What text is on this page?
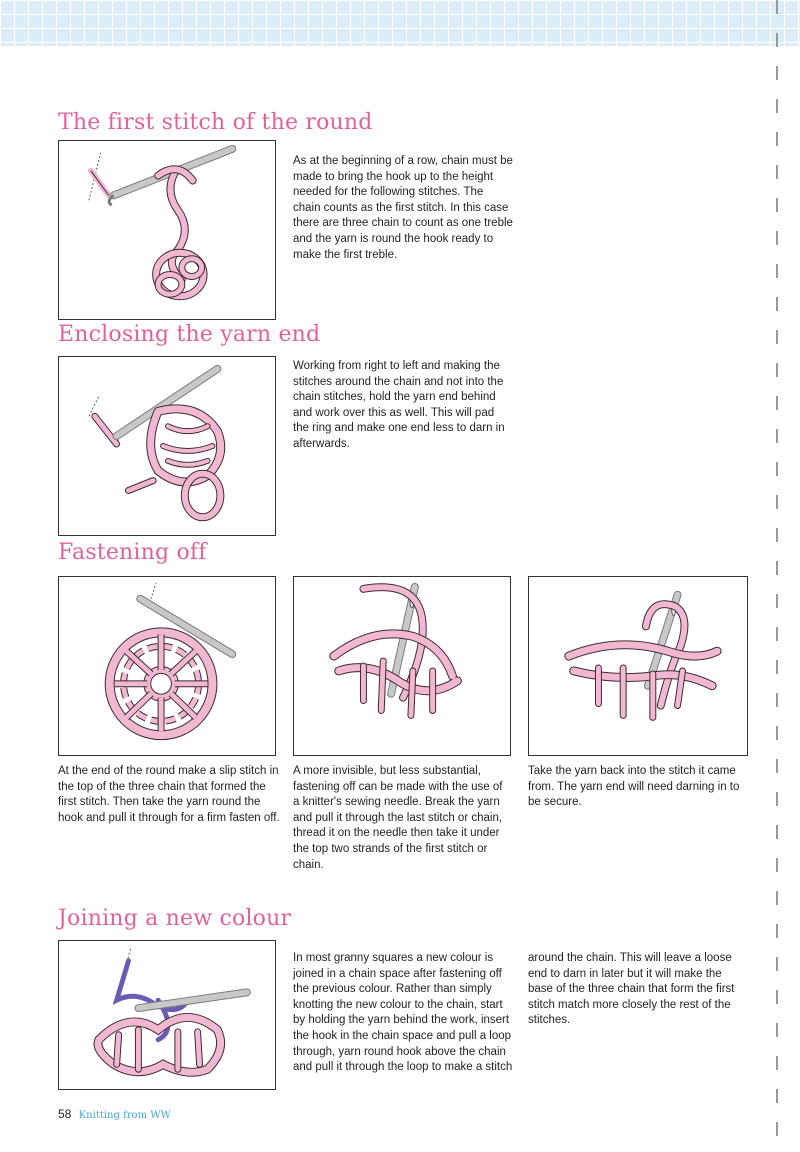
The first stitch of the round

As at the beginning of a row, chain must be made to bring the hook up to the height needed for the following stitches. The chain counts as the first stitch. In this case there are three chain to count as one treble and the yarn is round the hook ready to make the first treble.

Enclosing the yarn end

Working from right to left and making the stitches around the chain and not into the chain stitches, hold the yarn end behind and work over this as well. This will pad the ring and make one end less to darn in afterwards.

Fastening off

At the end of the round make a slip stitch in the top of the three chain that formed the first stitch. Then take the yarn round the hook and pull it through for a firm fasten off.

A more invisible, but less substantial, fastening off can be made with the use of a knitter's sewing needle. Break the yarn and pull it through the last stitch or chain, thread it on the needle then take it under the top two strands of the first stitch or chain.

Take the yarn back into the stitch it came from. The yarn end will need darning in to be secure.

Joining a new colour

In most granny squares a new colour is joined in a chain space after fastening off the previous colour. Rather than simply knotting the new colour to the chain, start by holding the yarn behind the work, insert the hook in the chain space and pull a loop through, yarn round hook above the chain and pull it through the loop to make a stitch

around the chain. This will leave a loose end to darn in later but it will make the base of the three chain that form the first stitch match more closely the rest of the stitches.

58 Knitting from WW
